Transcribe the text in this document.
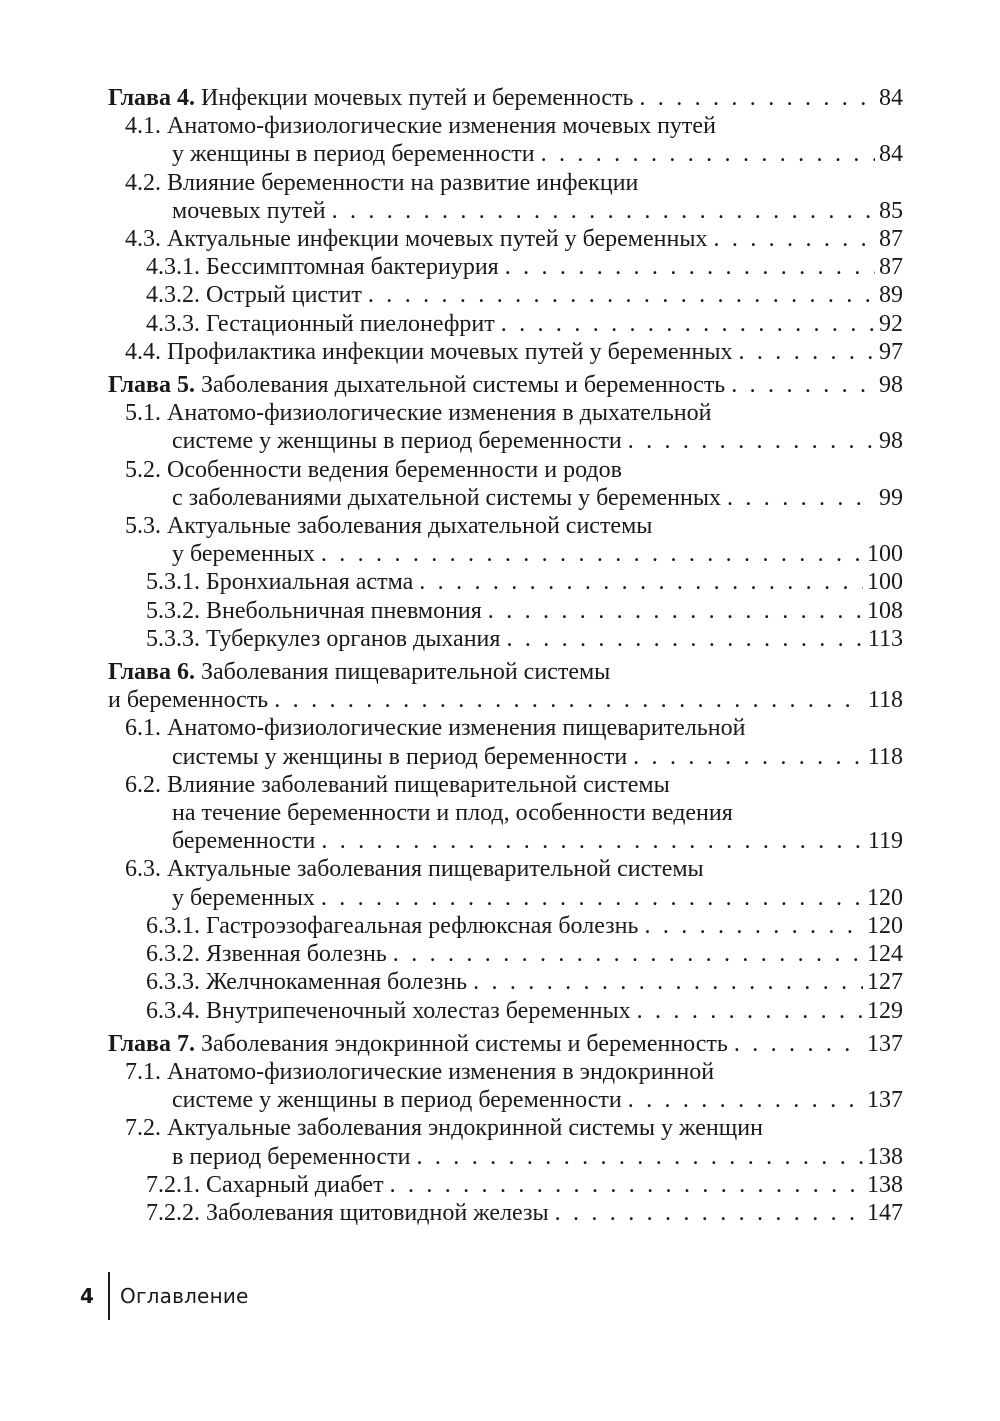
Глава 4. Инфекции мочевых путей и беременность . . .	84
4.1. Анатомо-физиологические изменения мочевых путей
у женщины в период беременности . . .	84
4.2. Влияние беременности на развитие инфекции
мочевых путей . . .	85
4.3. Актуальные инфекции мочевых путей у беременных . . .	87
4.3.1. Бессимптомная бактериурия . . .	87
4.3.2. Острый цистит . . .	89
4.3.3. Гестационный пиелонефрит . . .	92
4.4. Профилактика инфекции мочевых путей у беременных . . .	97
Глава 5. Заболевания дыхательной системы и беременность . . .	98
5.1. Анатомо-физиологические изменения в дыхательной
системе у женщины в период беременности . . .	98
5.2. Особенности ведения беременности и родов
с заболеваниями дыхательной системы у беременных . . .	99
5.3. Актуальные заболевания дыхательной системы
у беременных . . .	100
5.3.1. Бронхиальная астма . . .	100
5.3.2. Внебольничная пневмония . . .	108
5.3.3. Туберкулез органов дыхания . . .	113
Глава 6. Заболевания пищеварительной системы
и беременность . . .	118
6.1. Анатомо-физиологические изменения пищеварительной
системы у женщины в период беременности . . .	118
6.2. Влияние заболеваний пищеварительной системы
на течение беременности и плод, особенности ведения
беременности . . .	119
6.3. Актуальные заболевания пищеварительной системы
у беременных . . .	120
6.3.1. Гастроэзофагеальная рефлюксная болезнь . . .	120
6.3.2. Язвенная болезнь . . .	124
6.3.3. Желчнокаменная болезнь . . .	127
6.3.4. Внутрипеченочный холестаз беременных . . .	129
Глава 7. Заболевания эндокринной системы и беременность . . .	137
7.1. Анатомо-физиологические изменения в эндокринной
системе у женщины в период беременности . . .	137
7.2. Актуальные заболевания эндокринной системы у женщин
в период беременности . . .	138
7.2.1. Сахарный диабет . . .	138
7.2.2. Заболевания щитовидной железы . . .	147
4	Оглавление
